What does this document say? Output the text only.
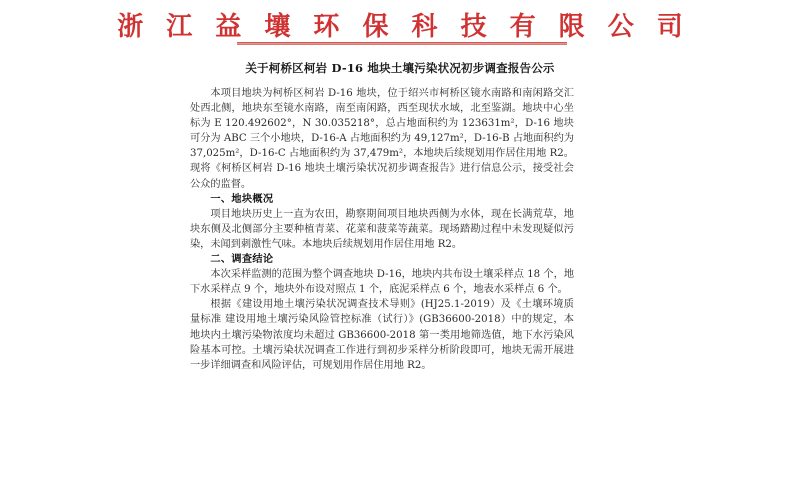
浙 江 益 壤 环 保 科 技 有 限 公 司
关于柯桥区柯岩 D-16 地块土壤污染状况初步调查报告公示

本项目地块为柯桥区柯岩 D-16 地块，位于绍兴市柯桥区镜水南路和南闲路交汇处西北侧，地块东至镜水南路，南至南闲路，西至现状水域，北至鉴湖。地块中心坐标为 E 120.492602°，N 30.035218°，总占地面积约为 123631m²，D-16 地块可分为 ABC 三个小地块，D-16-A 占地面积约为 49,127m²，D-16-B 占地面积约为 37,025m²，D-16-C 占地面积约为 37,479m²，本地块后续规划用作居住用地 R2。现将《柯桥区柯岩 D-16 地块土壤污染状况初步调查报告》进行信息公示，接受社会公众的监督。

一、地块概况

项目地块历史上一直为农田，勘察期间项目地块西侧为水体，现在长满荒草，地块东侧及北侧部分主要种植青菜、花菜和菠菜等蔬菜。现场踏勘过程中未发现疑似污染，未闻到刺激性气味。本地块后续规划用作居住用地 R2。

二、调查结论

本次采样监测的范围为整个调查地块 D-16，地块内共布设土壤采样点 18 个，地下水采样点 9 个，地块外布设对照点 1 个，底泥采样点 6 个，地表水采样点 6 个。

根据《建设用地土壤污染状况调查技术导则》(HJ25.1-2019）及《土壤环境质量标准 建设用地土壤污染风险管控标准（试行）》(GB36600-2018）中的规定，本地块内土壤污染物浓度均未超过 GB36600-2018 第一类用地筛选值，地下水污染风险基本可控。土壤污染状况调查工作进行到初步采样分析阶段即可，地块无需开展进一步详细调查和风险评估，可规划用作居住用地 R2。
